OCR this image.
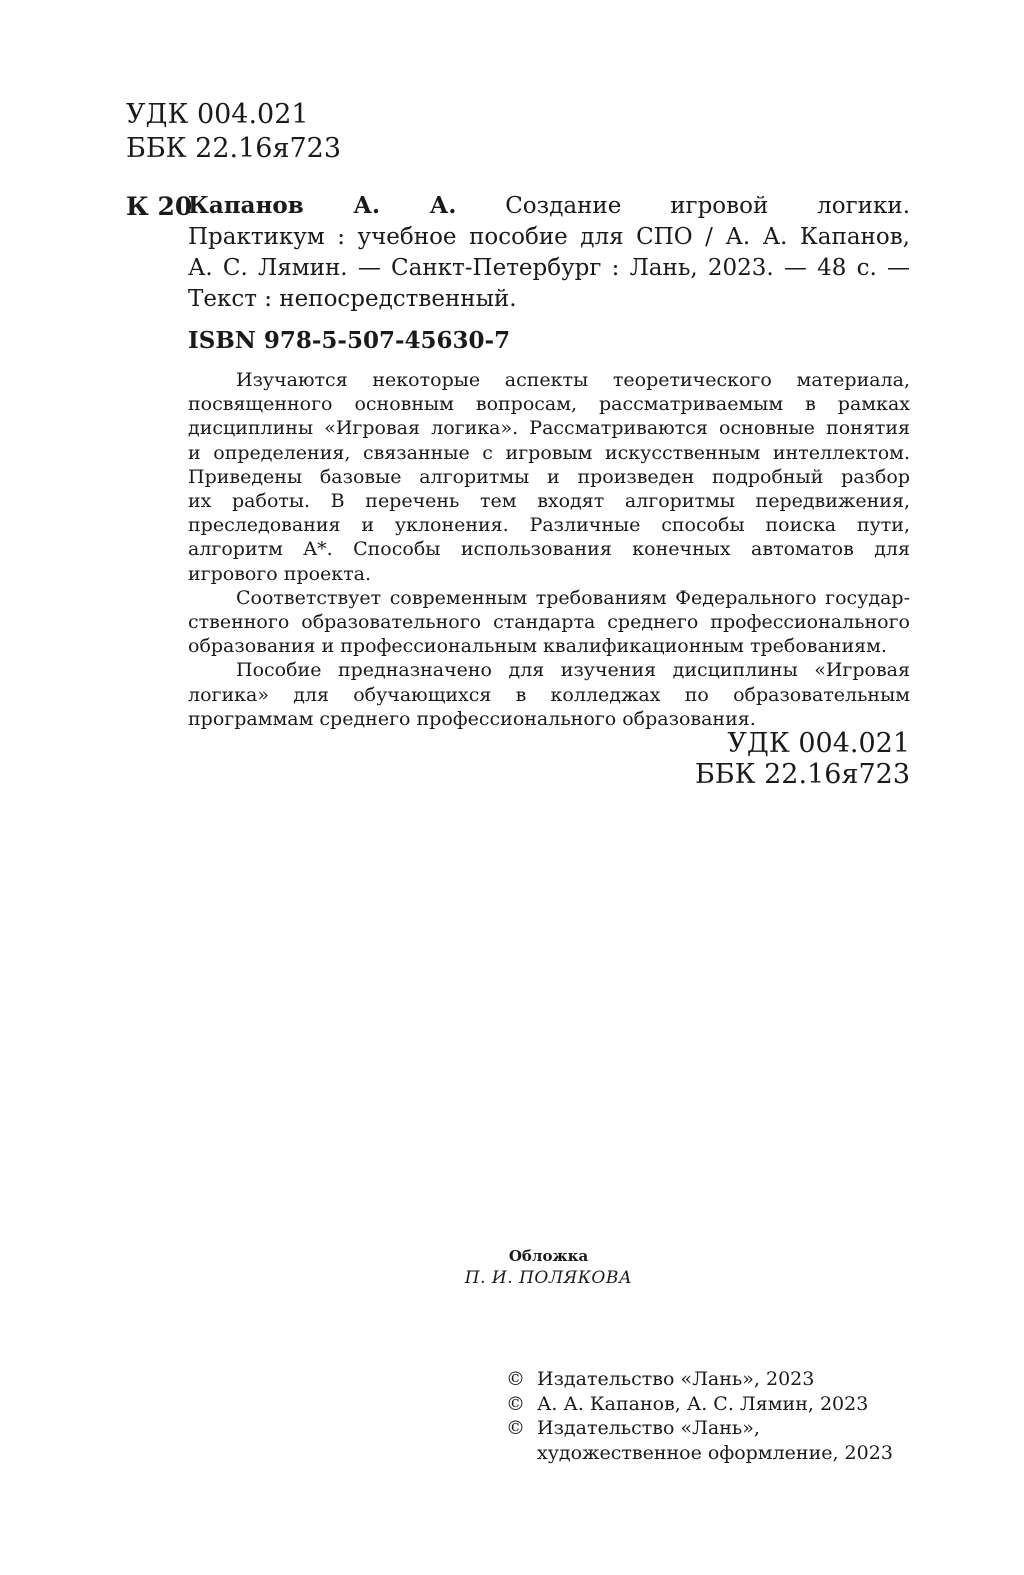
УДК 004.021
ББК 22.16я723
К 20
Капанов А. А. Создание игровой логики.
Практикум : учебное пособие для СПО / А. А. Капанов,
А. С. Лямин. — Санкт-Петербург : Лань, 2023. — 48 с. —
Текст : непосредственный.
ISBN 978-5-507-45630-7
Изучаются некоторые аспекты теоретического материала,
посвященного основным вопросам, рассматриваемым в рамках
дисциплины «Игровая логика». Рассматриваются основные понятия
и определения, связанные с игровым искусственным интеллектом.
Приведены базовые алгоритмы и произведен подробный разбор
их работы. В перечень тем входят алгоритмы передвижения,
преследования и уклонения. Различные способы поиска пути,
алгоритм A*. Способы использования конечных автоматов для
игрового проекта.
Соответствует современным требованиям Федерального государ-
ственного образовательного стандарта среднего профессионального
образования и профессиональным квалификационным требованиям.
Пособие предназначено для изучения дисциплины «Игровая
логика» для обучающихся в колледжах по образовательным
программам среднего профессионального образования.
УДК 004.021
ББК 22.16я723
Обложка
П. И. ПОЛЯКОВА
© Издательство «Лань», 2023
© А. А. Капанов, А. С. Лямин, 2023
© Издательство «Лань»,
художественное оформление, 2023
